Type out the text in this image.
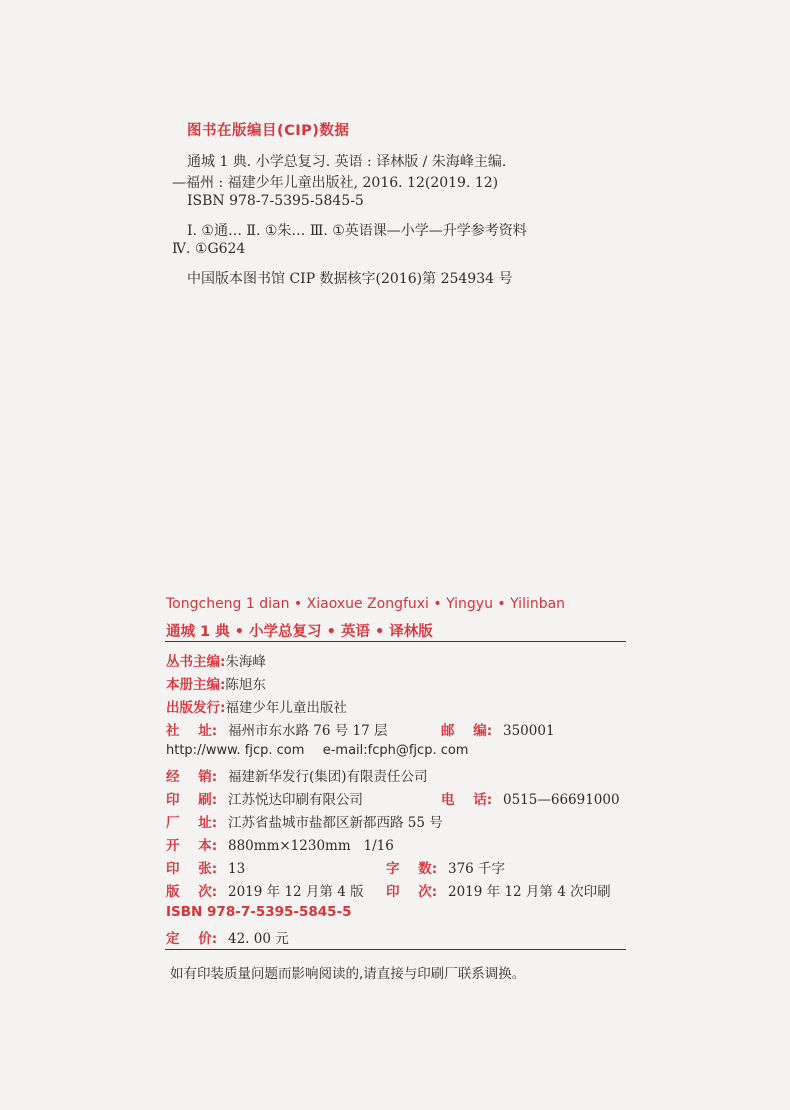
图书在版编目(CIP)数据
通城 1 典. 小学总复习. 英语 : 译林版 / 朱海峰主编.
—福州 : 福建少年儿童出版社, 2016. 12(2019. 12)
ISBN 978-7-5395-5845-5
Ⅰ. ①通… Ⅱ. ①朱… Ⅲ. ①英语课—小学—升学参考资料
Ⅳ. ①G624
中国版本图书馆 CIP 数据核字(2016)第 254934 号
Tongcheng 1 dian • Xiaoxue Zongfuxi • Yingyu • Yilinban
通城 1 典 • 小学总复习 • 英语 • 译林版
丛书主编:朱海峰
本册主编:陈旭东
出版发行:福建少年儿童出版社
社    址: 福州市东水路 76 号 17 层	邮    编: 350001
http://www. fjcp. com e-mail:fcph@fjcp. com
经    销: 福建新华发行(集团)有限责任公司
印    刷: 江苏悦达印刷有限公司	电    话: 0515—66691000
厂    址: 江苏省盐城市盐都区新都西路 55 号
开    本: 880mm×1230mm   1/16
印    张: 13	字    数: 376 千字
版    次: 2019 年 12 月第 4 版 印    次: 2019 年 12 月第 4 次印刷
ISBN 978-7-5395-5845-5
定    价: 42. 00 元
如有印装质量问题而影响阅读的,请直接与印刷厂联系调换。
